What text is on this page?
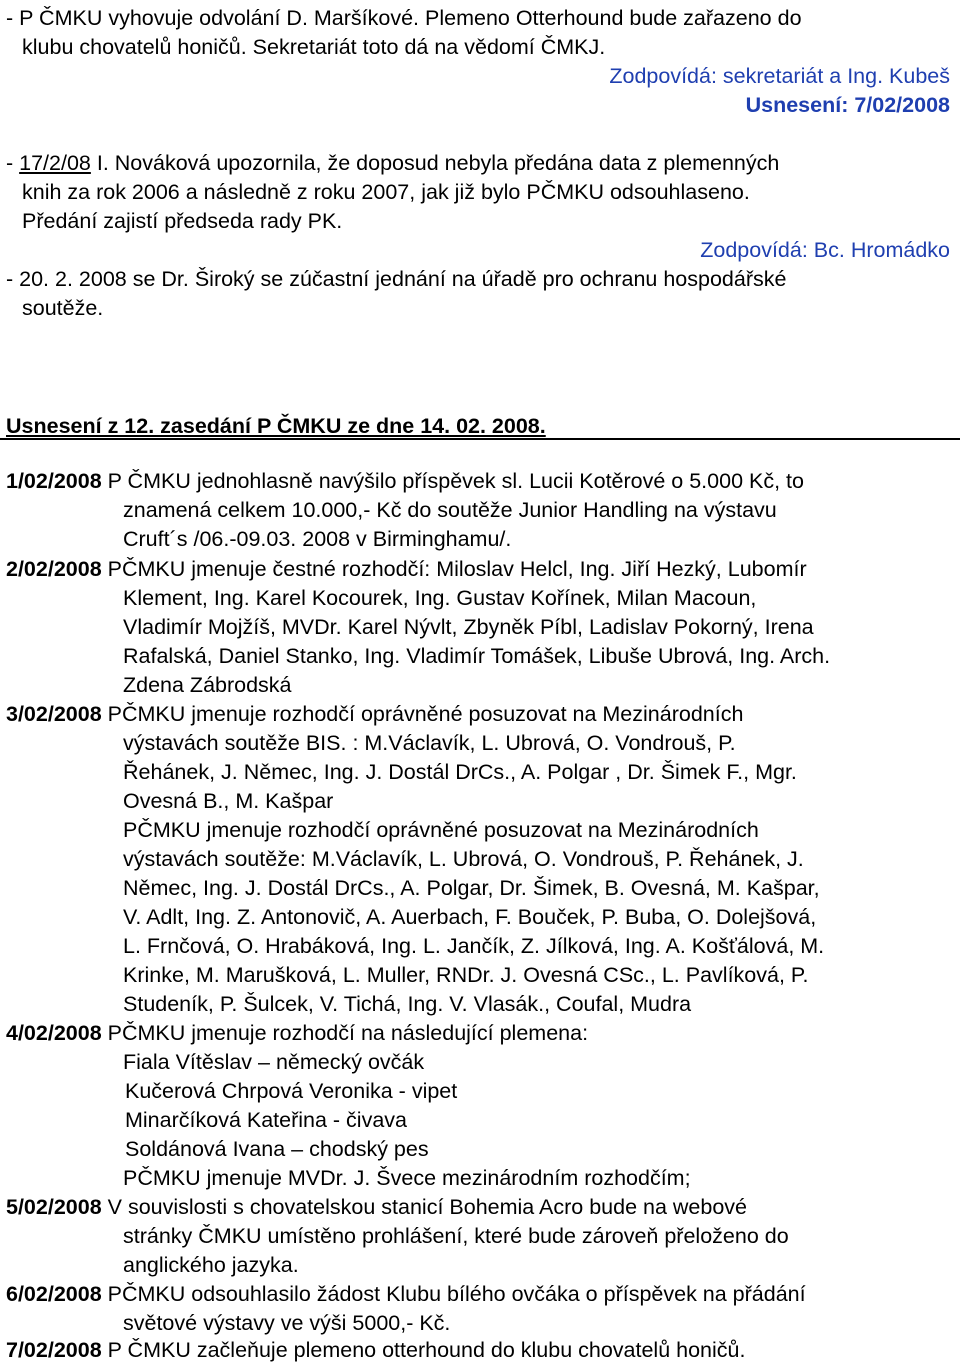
- P ČMKU vyhovuje odvolání D. Maršíkové. Plemeno Otterhound bude zařazeno do

klubu chovatelů honičů. Sekretariát toto dá na vědomí ČMKJ.

Zodpovídá: sekretariát a Ing. Kubeš

Usnesení: 7/02/2008

- 17/2/08 I. Nováková upozornila, že doposud nebyla předána data z plemenných

knih za rok 2006 a následně z roku 2007, jak již bylo PČMKU odsouhlaseno.

Předání zajistí předseda rady PK.

Zodpovídá: Bc. Hromádko

- 20. 2. 2008 se Dr. Široký se zúčastní jednání na úřadě pro ochranu hospodářské

soutěže.

Usnesení z 12. zasedání P ČMKU ze dne 14. 02. 2008.

1/02/2008 P ČMKU jednohlasně navýšilo příspěvek sl. Lucii Kotěrové o 5.000 Kč, to

znamená celkem 10.000,- Kč do soutěže Junior Handling na výstavu

Cruft´s /06.-09.03. 2008 v Birminghamu/.

2/02/2008 PČMKU jmenuje čestné rozhodčí: Miloslav Helcl, Ing. Jiří Hezký, Lubomír

Klement, Ing. Karel Kocourek, Ing. Gustav Kořínek, Milan Macoun,

Vladimír Mojžíš, MVDr. Karel Nývlt, Zbyněk Píbl, Ladislav Pokorný, Irena

Rafalská, Daniel Stanko, Ing. Vladimír Tomášek, Libuše Ubrová, Ing. Arch.

Zdena Zábrodská

3/02/2008 PČMKU jmenuje rozhodčí oprávněné posuzovat na Mezinárodních

výstavách soutěže BIS. : M.Václavík, L. Ubrová, O. Vondrouš, P.

Řehánek, J. Němec, Ing. J. Dostál DrCs., A. Polgar , Dr. Šimek F., Mgr.

Ovesná B., M. Kašpar

PČMKU jmenuje rozhodčí oprávněné posuzovat na Mezinárodních

výstavách soutěže: M.Václavík, L. Ubrová, O. Vondrouš, P. Řehánek, J.

Němec, Ing. J. Dostál DrCs., A. Polgar, Dr. Šimek, B. Ovesná, M. Kašpar,

V. Adlt, Ing. Z. Antonovič, A. Auerbach, F. Bouček, P. Buba, O. Dolejšová,

L. Frnčová, O. Hrabáková, Ing. L. Jančík, Z. Jílková, Ing. A. Košťálová, M.

Krinke, M. Marušková, L. Muller, RNDr. J. Ovesná CSc., L. Pavlíková, P.

Studeník, P. Šulcek, V. Tichá, Ing. V. Vlasák., Coufal, Mudra

4/02/2008 PČMKU jmenuje rozhodčí na následující plemena:

Fiala Vítěslav – německý ovčák

Kučerová Chrpová Veronika - vipet

Minarčíková Kateřina - čivava

Soldánová Ivana – chodský pes

PČMKU jmenuje MVDr. J. Švece mezinárodním rozhodčím;

5/02/2008 V souvislosti s chovatelskou stanicí Bohemia Acro bude na webové

stránky ČMKU umístěno prohlášení, které bude zároveň přeloženo do

anglického jazyka.

6/02/2008 PČMKU odsouhlasilo žádost Klubu bílého ovčáka o příspěvek na přádání

světové výstavy ve výši 5000,- Kč.

7/02/2008 P ČMKU začleňuje plemeno otterhound do klubu chovatelů honičů.
